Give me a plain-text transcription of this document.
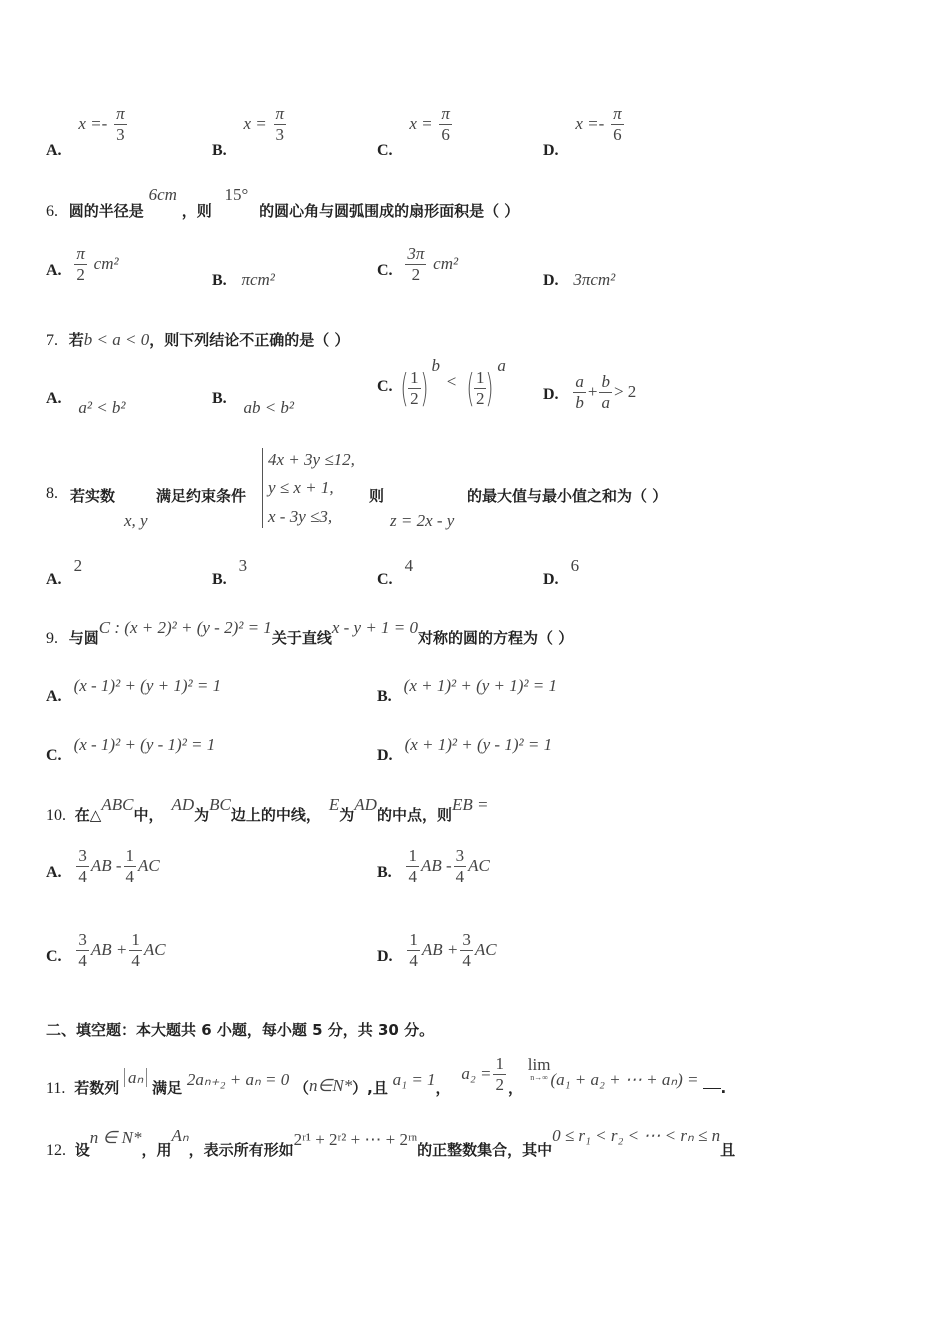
A. $x =- \frac{\pi}{3}$
B. $x = \frac{\pi}{3}$
C. $x = \frac{\pi}{6}$
D. $x =- \frac{\pi}{6}$
6. 圆的半径是 6cm ，则 15° 的圆心角与圆弧围成的扇形面积是（ ）
A. $\frac{\pi}{2} cm^2$
B. πcm²	C. $\frac{3\pi}{2} cm^2$
D. 3πcm²
7. 若b < a < 0，则下列结论不正确的是（ ）
A. a² < b²	B. ab < b²
C. ( $\frac{1}{2} )^b$ < ( $\frac{1}{2} )^a$
D. $\frac{a}{b} + \frac{b}{a} > 2$
8. 若实数
x, y
满足约束条件
4x + 3y ≤12,
y ≤ x + 1,
x - 3y ≤3,
则
z = 2x - y
的最大值与最小值之和为（ ）
A.2
B.3
C.4
D.6
9. 与圆C : (x + 2)² + (y - 2)² = 1关于直线x - y + 1 = 0对称的圆的方程为（ ）
A.(x - 1)² + (y + 1)² = 1
B.(x + 1)² + (y + 1)² = 1
C.(x - 1)² + (y - 1)² = 1
D.(x + 1)² + (y - 1)² = 1
10. 在△ABC中，AD为BC边上的中线，E为AD的中点，则EB =
A. $\frac{3}{4}$ AB - $\frac{1}{4}$ AC	B. $\frac{1}{4}$ AB - $\frac{3}{4}$ AC
C. $\frac{3}{4}$ AB + $\frac{1}{4}$ AC	D. $\frac{1}{4}$ AB + $\frac{3}{4}$ AC
二、填空题：本大题共 6 小题，每小题 5 分，共 30 分。
11. 若数列 aₙ 满足 2aₙ₊₂ + aₙ = 0 （n∈N*）,且 a₁ = 1， $a_2 = \frac{1}{2}$ ，
lim
n→∞ (a₁ + a₂ + ⋯ + aₙ) = .
12. 设n ∈ N*，用Aₙ，表示所有形如2ʳ¹ + 2ʳ² + ⋯ + 2ʳⁿ的正整数集合，其中0 ≤ r₁ < r₂ < ⋯ < rₙ ≤ n且
